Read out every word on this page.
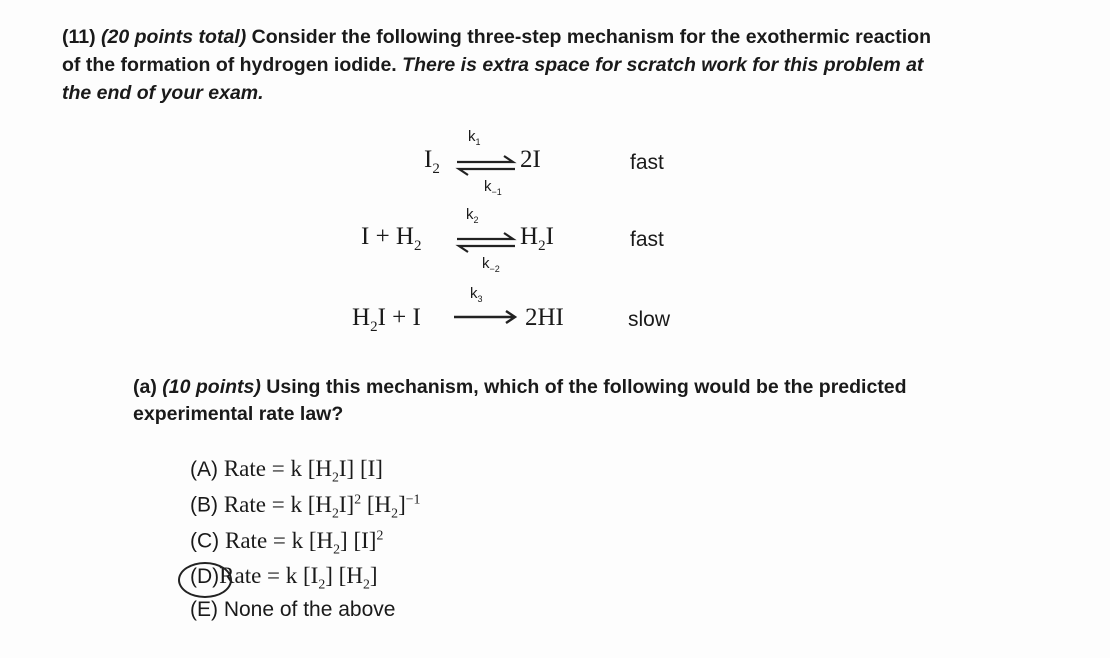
(11) (20 points total) Consider the following three-step mechanism for the exothermic reaction
of the formation of hydrogen iodide. There is extra space for scratch work for this problem at
the end of your exam.
$I_2$
$k_1$
$k_{-1}$
2I	fast
$I + H_2$
$k_2$
$k_{-2}$
$H_2I$	fast
$H_2I + I$
$k_3$
2HI	slow
(a) (10 points) Using this mechanism, which of the following would be the predicted
experimental rate law?
(A) Rate = k $[H_2I]$ [I]
(B) Rate = k $[H_2I]^2$ $[H_2]^{-1}$
(C) Rate = k $[H_2]$ $[I]^2$
(D)Rate = k $[I_2]$ $[H_2]$
(E) None of the above
